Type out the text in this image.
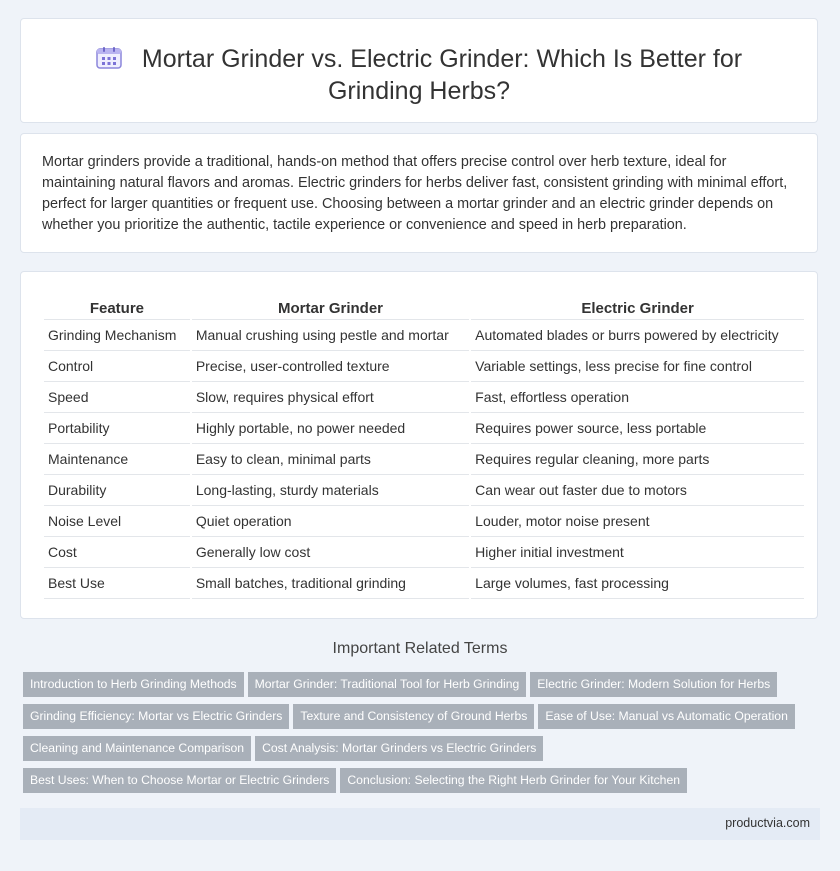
Mortar Grinder vs. Electric Grinder: Which Is Better for Grinding Herbs?

Mortar grinders provide a traditional, hands-on method that offers precise control over herb texture, ideal for maintaining natural flavors and aromas. Electric grinders for herbs deliver fast, consistent grinding with minimal effort, perfect for larger quantities or frequent use. Choosing between a mortar grinder and an electric grinder depends on whether you prioritize the authentic, tactile experience or convenience and speed in herb preparation.

Feature	Mortar Grinder	Electric Grinder
Grinding Mechanism	Manual crushing using pestle and mortar	Automated blades or burrs powered by electricity
Control	Precise, user-controlled texture	Variable settings, less precise for fine control
Speed	Slow, requires physical effort	Fast, effortless operation
Portability	Highly portable, no power needed	Requires power source, less portable
Maintenance	Easy to clean, minimal parts	Requires regular cleaning, more parts
Durability	Long-lasting, sturdy materials	Can wear out faster due to motors
Noise Level	Quiet operation	Louder, motor noise present
Cost	Generally low cost	Higher initial investment
Best Use	Small batches, traditional grinding	Large volumes, fast processing
Important Related Terms
Introduction to Herb Grinding Methods Mortar Grinder: Traditional Tool for Herb Grinding Electric Grinder: Modern Solution for HerbsGrinding Efficiency: Mortar vs Electric Grinders Texture and Consistency of Ground Herbs Ease of Use: Manual vs Automatic OperationCleaning and Maintenance Comparison Cost Analysis: Mortar Grinders vs Electric GrindersBest Uses: When to Choose Mortar or Electric Grinders Conclusion: Selecting the Right Herb Grinder for Your Kitchen
productvia.com
